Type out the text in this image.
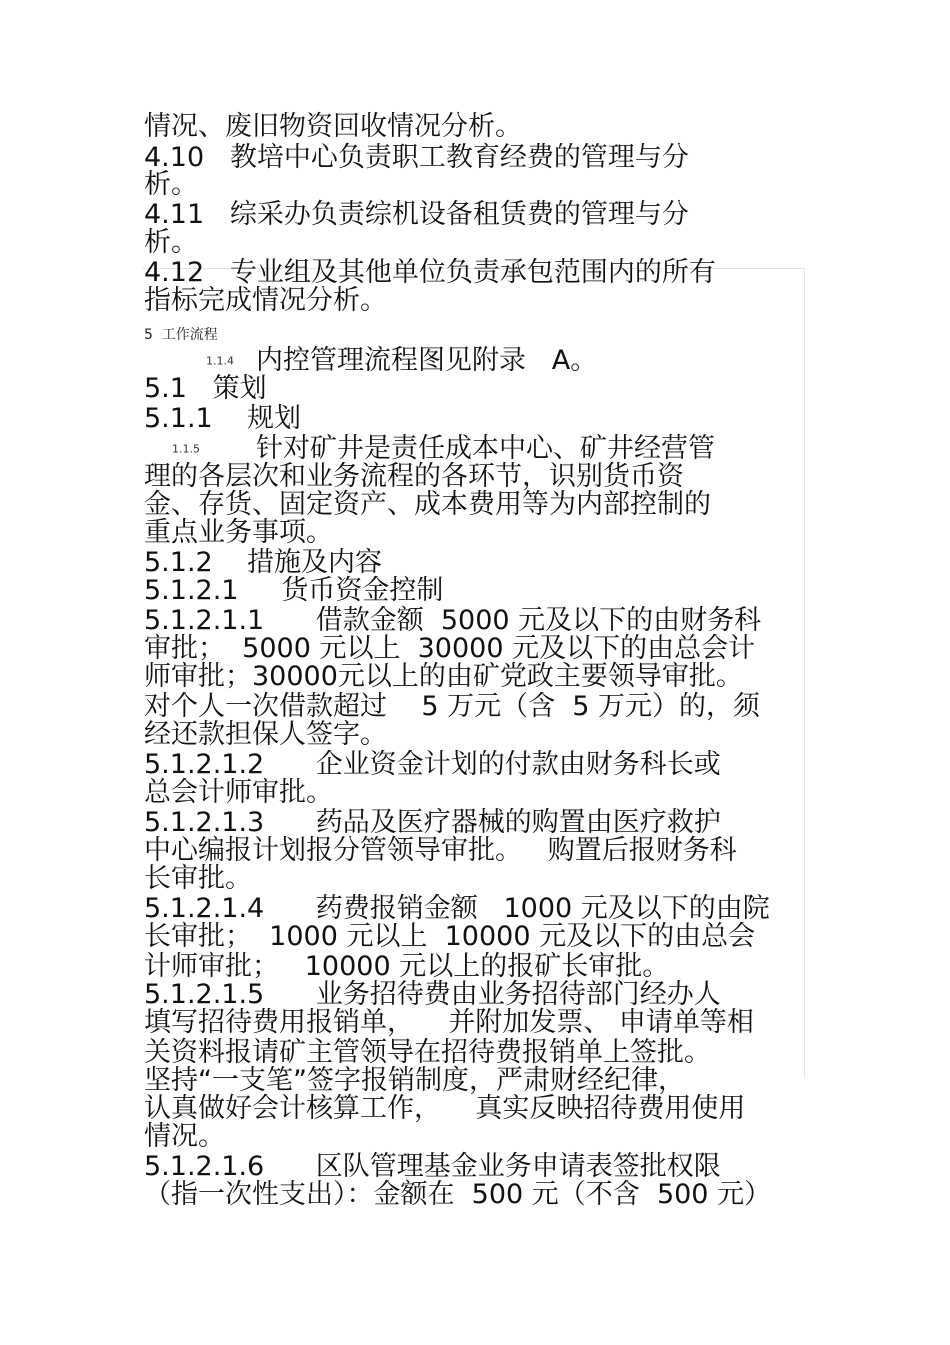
情况、废旧物资回收情况分析。
4.10   教培中心负责职工教育经费的管理与分
析。
4.11   综采办负责综机设备租赁费的管理与分
析。
4.12   专业组及其他单位负责承包范围内的所有
指标完成情况分析。
5  工作流程
1.1.4 内控管理流程图见附录   A。
5.1   策划
5.1.1    规划
1.1.5 针对矿井是责任成本中心、矿井经营管
理的各层次和业务流程的各环节，识别货币资
金、存货、固定资产、成本费用等为内部控制的
重点业务事项。
5.1.2    措施及内容
5.1.2.1     货币资金控制
5.1.2.1.1      借款金额  5000 元及以下的由财务科
审批；  5000 元以上  30000 元及以下的由总会计
师审批；30000元以上的由矿党政主要领导审批。
对个人一次借款超过    5 万元（含  5 万元）的，须
经还款担保人签字。
5.1.2.1.2      企业资金计划的付款由财务科长或
总会计师审批。
5.1.2.1.3      药品及医疗器械的购置由医疗救护
中心编报计划报分管领导审批。   购置后报财务科
长审批。
5.1.2.1.4      药费报销金额   1000 元及以下的由院
长审批；  1000 元以上  10000 元及以下的由总会
计师审批；   10000 元以上的报矿长审批。
5.1.2.1.5      业务招待费由业务招待部门经办人
填写招待费用报销单，    并附加发票、 申请单等相
关资料报请矿主管领导在招待费报销单上签批。
坚持“一支笔”签字报销制度，严肃财经纪律，
认真做好会计核算工作，    真实反映招待费用使用
情况。
5.1.2.1.6      区队管理基金业务申请表签批权限
（指一次性支出）：金额在  500 元（不含  500 元）
